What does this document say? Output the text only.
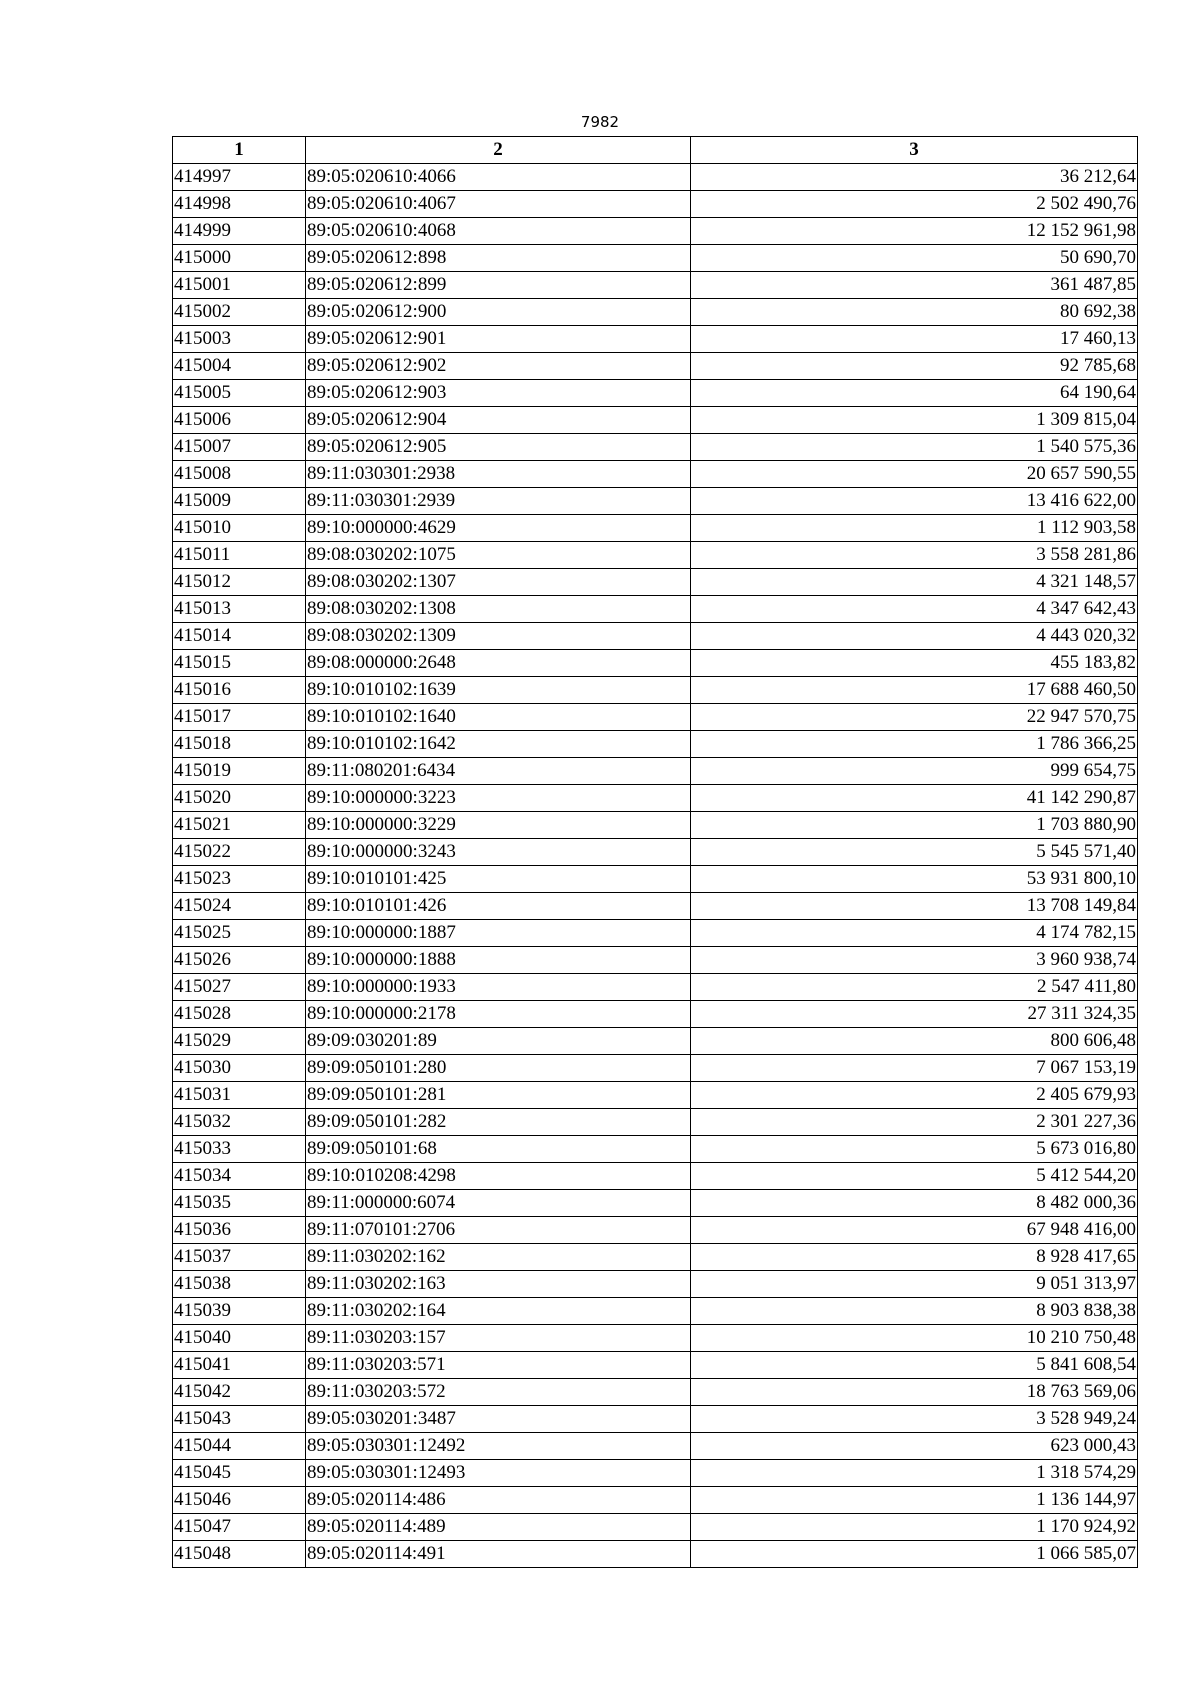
7982
1	2	3
414997	89:05:020610:4066	36 212,64
414998	89:05:020610:4067	2 502 490,76
414999	89:05:020610:4068	12 152 961,98
415000	89:05:020612:898	50 690,70
415001	89:05:020612:899	361 487,85
415002	89:05:020612:900	80 692,38
415003	89:05:020612:901	17 460,13
415004	89:05:020612:902	92 785,68
415005	89:05:020612:903	64 190,64
415006	89:05:020612:904	1 309 815,04
415007	89:05:020612:905	1 540 575,36
415008	89:11:030301:2938	20 657 590,55
415009	89:11:030301:2939	13 416 622,00
415010	89:10:000000:4629	1 112 903,58
415011	89:08:030202:1075	3 558 281,86
415012	89:08:030202:1307	4 321 148,57
415013	89:08:030202:1308	4 347 642,43
415014	89:08:030202:1309	4 443 020,32
415015	89:08:000000:2648	455 183,82
415016	89:10:010102:1639	17 688 460,50
415017	89:10:010102:1640	22 947 570,75
415018	89:10:010102:1642	1 786 366,25
415019	89:11:080201:6434	999 654,75
415020	89:10:000000:3223	41 142 290,87
415021	89:10:000000:3229	1 703 880,90
415022	89:10:000000:3243	5 545 571,40
415023	89:10:010101:425	53 931 800,10
415024	89:10:010101:426	13 708 149,84
415025	89:10:000000:1887	4 174 782,15
415026	89:10:000000:1888	3 960 938,74
415027	89:10:000000:1933	2 547 411,80
415028	89:10:000000:2178	27 311 324,35
415029	89:09:030201:89	800 606,48
415030	89:09:050101:280	7 067 153,19
415031	89:09:050101:281	2 405 679,93
415032	89:09:050101:282	2 301 227,36
415033	89:09:050101:68	5 673 016,80
415034	89:10:010208:4298	5 412 544,20
415035	89:11:000000:6074	8 482 000,36
415036	89:11:070101:2706	67 948 416,00
415037	89:11:030202:162	8 928 417,65
415038	89:11:030202:163	9 051 313,97
415039	89:11:030202:164	8 903 838,38
415040	89:11:030203:157	10 210 750,48
415041	89:11:030203:571	5 841 608,54
415042	89:11:030203:572	18 763 569,06
415043	89:05:030201:3487	3 528 949,24
415044	89:05:030301:12492	623 000,43
415045	89:05:030301:12493	1 318 574,29
415046	89:05:020114:486	1 136 144,97
415047	89:05:020114:489	1 170 924,92
415048	89:05:020114:491	1 066 585,07
